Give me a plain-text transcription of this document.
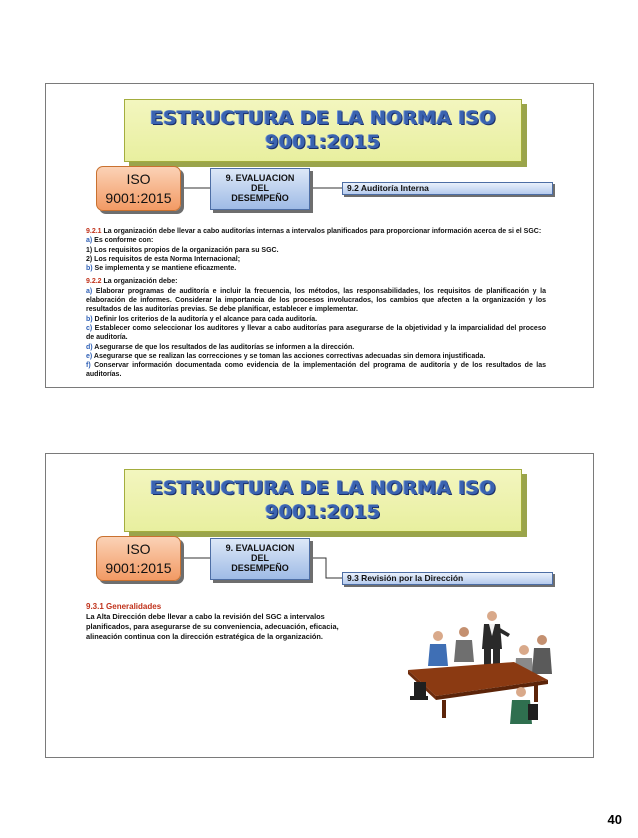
ESTRUCTURA DE LA NORMA ISO
9001:2015
ISO
9001:2015
9. EVALUACION
DEL
DESEMPEÑO
9.2 Auditoría Interna

9.2.1 La organización debe llevar a cabo auditorías internas a intervalos planificados para proporcionar información acerca de si el SGC:

a) Es conforme con:

1) Los requisitos propios de la organización para su SGC.

2) Los requisitos de esta Norma Internacional;

b) Se implementa y se mantiene eficazmente.

9.2.2 La organización debe:

a) Elaborar programas de auditoría e incluir la frecuencia, los métodos, las responsabilidades, los requisitos de planificación y la elaboración de informes. Considerar la importancia de los procesos involucrados, los cambios que afecten a la organización y los resultados de las auditorías previas. Se debe planificar, establecer e implementar.

b) Definir los criterios de la auditoría y el alcance para cada auditoría.

c) Establecer como seleccionar los auditores y llevar a cabo auditorías para asegurarse de la objetividad y la imparcialidad del proceso de auditoría.

d) Asegurarse de que los resultados de las auditorías se informen a la dirección.

e) Asegurarse que se realizan las correcciones y se toman las acciones correctivas adecuadas sin demora injustificada.

f) Conservar información documentada como evidencia de la implementación del programa de auditoría y de los resultados de las auditorías.

ESTRUCTURA DE LA NORMA ISO
9001:2015
ISO
9001:2015
9. EVALUACION
DEL
DESEMPEÑO
9.3 Revisión por la Dirección

9.3.1 Generalidades

La Alta Dirección debe llevar a cabo la revisión del SGC a intervalos planificados, para asegurarse de su conveniencia, adecuación, eficacia, alineación continua con la dirección estratégica de la organización.

40
